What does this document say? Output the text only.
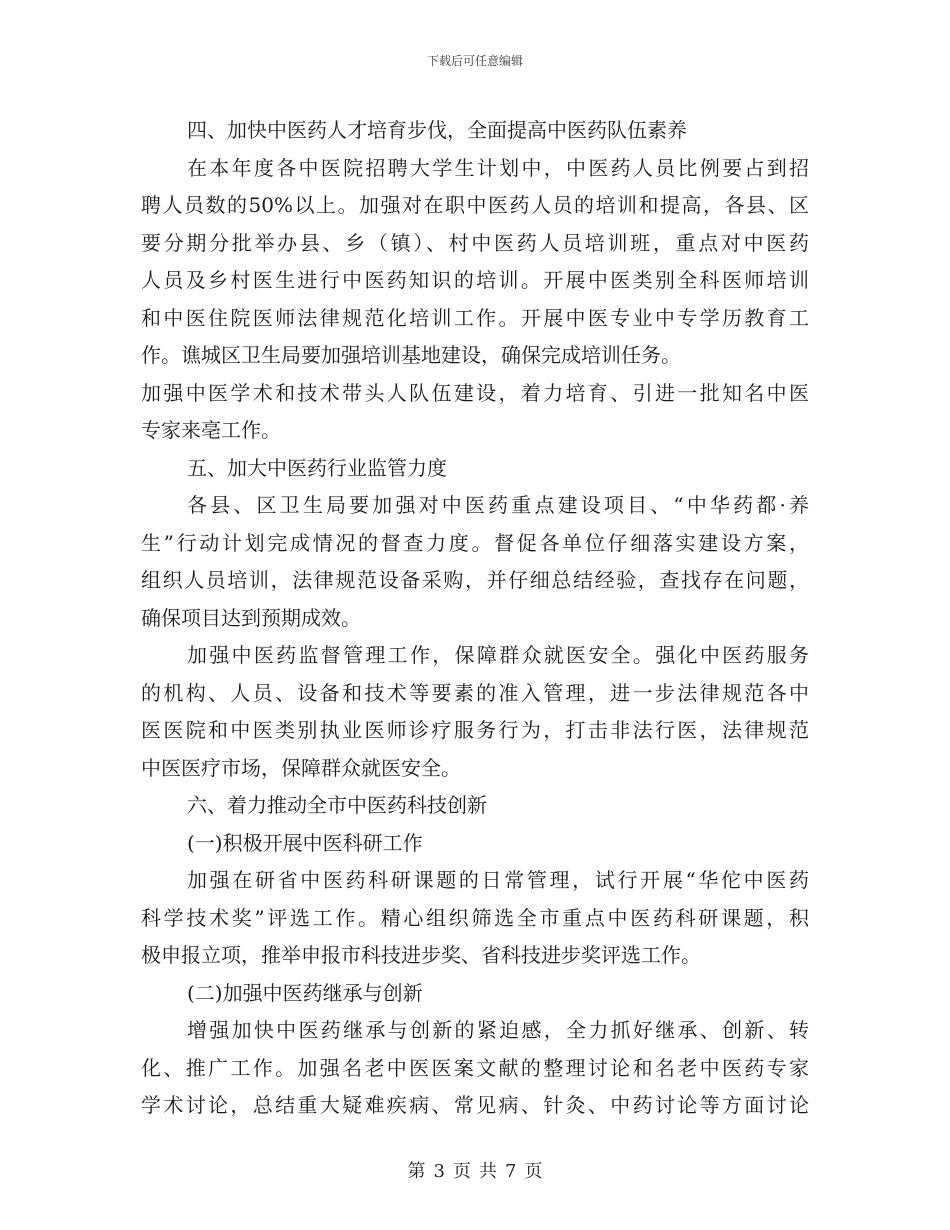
下载后可任意编辑
四、加快中医药人才培育步伐，全面提高中医药队伍素养
在本年度各中医院招聘大学生计划中，中医药人员比例要占到招
聘人员数的50%以上。加强对在职中医药人员的培训和提高，各县、区
要分期分批举办县、乡（镇）、村中医药人员培训班，重点对中医药
人员及乡村医生进行中医药知识的培训。开展中医类别全科医师培训
和中医住院医师法律规范化培训工作。开展中医专业中专学历教育工
作。谯城区卫生局要加强培训基地建设，确保完成培训任务。
加强中医学术和技术带头人队伍建设，着力培育、引进一批知名中医
专家来亳工作。
五、加大中医药行业监管力度
各县、区卫生局要加强对中医药重点建设项目、“中华药都·养
生”行动计划完成情况的督查力度。督促各单位仔细落实建设方案，
组织人员培训，法律规范设备采购，并仔细总结经验，查找存在问题，
确保项目达到预期成效。
加强中医药监督管理工作，保障群众就医安全。强化中医药服务
的机构、人员、设备和技术等要素的准入管理，进一步法律规范各中
医医院和中医类别执业医师诊疗服务行为，打击非法行医，法律规范
中医医疗市场，保障群众就医安全。
六、着力推动全市中医药科技创新
(一)积极开展中医科研工作
加强在研省中医药科研课题的日常管理，试行开展“华佗中医药
科学技术奖”评选工作。精心组织筛选全市重点中医药科研课题，积
极申报立项，推举申报市科技进步奖、省科技进步奖评选工作。
(二)加强中医药继承与创新
增强加快中医药继承与创新的紧迫感，全力抓好继承、创新、转
化、推广工作。加强名老中医医案文献的整理讨论和名老中医药专家
学术讨论，总结重大疑难疾病、常见病、针灸、中药讨论等方面讨论
第 3 页 共 7 页
